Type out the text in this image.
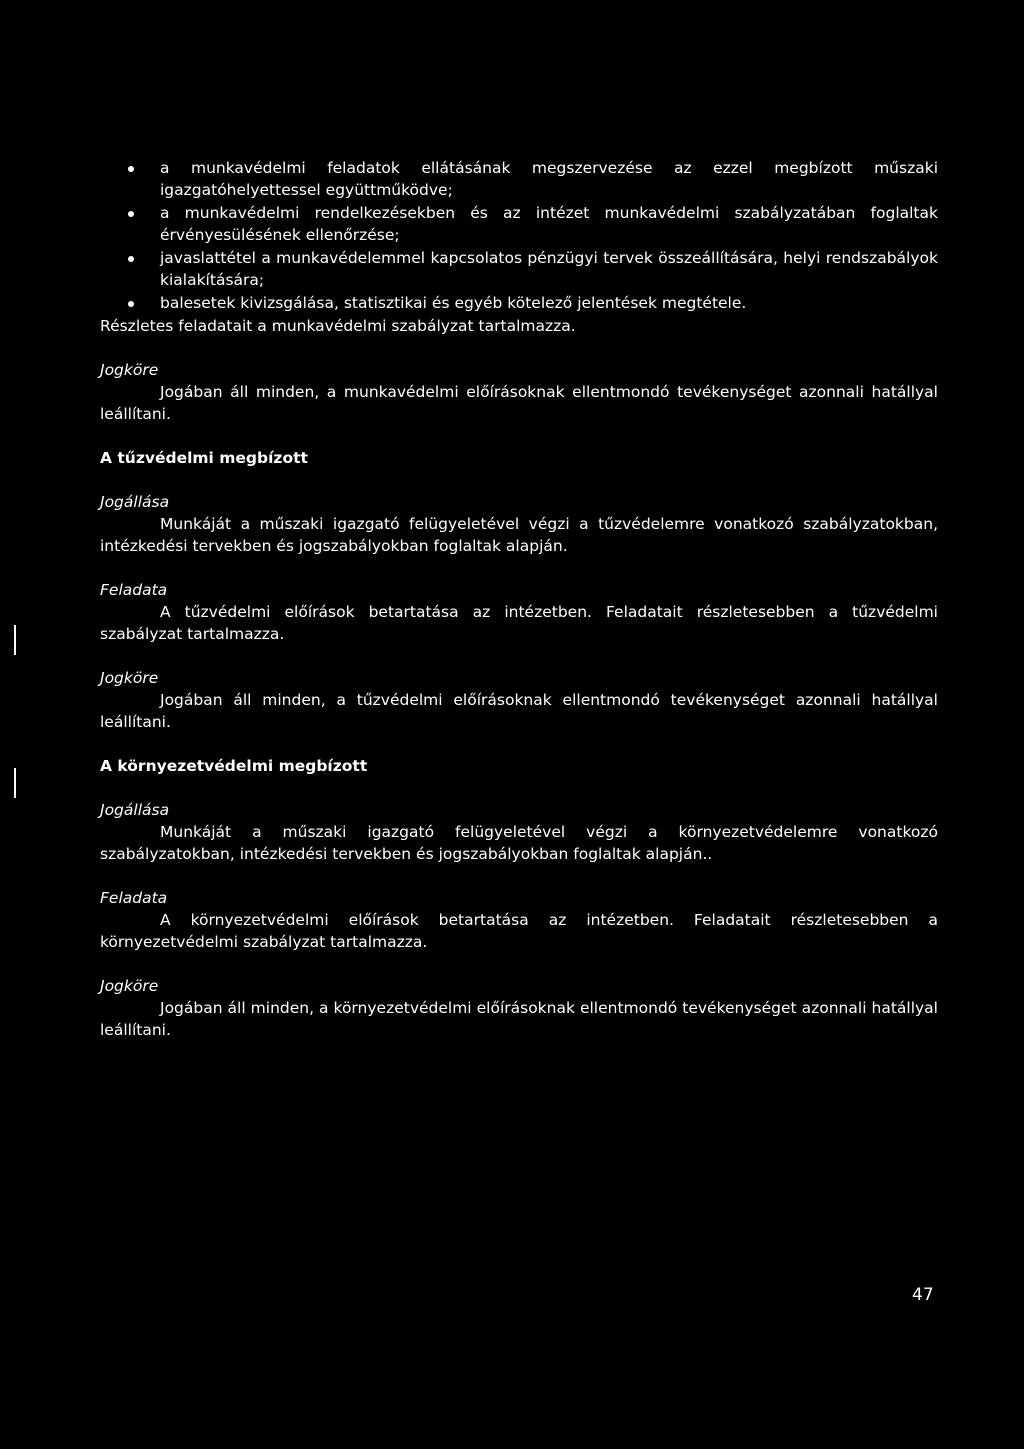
a munkavédelmi feladatok ellátásának megszervezése az ezzel megbízott műszaki igazgatóhelyettessel együttműködve;
a munkavédelmi rendelkezésekben és az intézet munkavédelmi szabályzatában foglaltak érvényesülésének ellenőrzése;
javaslattétel a munkavédelemmel kapcsolatos pénzügyi tervek összeállítására, helyi rendszabályok kialakítására;
balesetek kivizsgálása, statisztikai és egyéb kötelező jelentések megtétele.

Részletes feladatait a munkavédelmi szabályzat tartalmazza.

Jogköre

Jogában áll minden, a munkavédelmi előírásoknak ellentmondó tevékenységet azonnali hatállyal leállítani.

A tűzvédelmi megbízott

Jogállása

Munkáját a műszaki igazgató felügyeletével végzi a tűzvédelemre vonatkozó szabályzatokban, intézkedési tervekben és jogszabályokban foglaltak alapján.

Feladata

A tűzvédelmi előírások betartatása az intézetben. Feladatait részletesebben a tűzvédelmi szabályzat tartalmazza.

Jogköre

Jogában áll minden, a tűzvédelmi előírásoknak ellentmondó tevékenységet azonnali hatállyal leállítani.

A környezetvédelmi megbízott

Jogállása

Munkáját a műszaki igazgató felügyeletével végzi a környezetvédelemre vonatkozó szabályzatokban, intézkedési tervekben és jogszabályokban foglaltak alapján..

Feladata

A környezetvédelmi előírások betartatása az intézetben. Feladatait részletesebben a környezetvédelmi szabályzat tartalmazza.

Jogköre

Jogában áll minden, a környezetvédelmi előírásoknak ellentmondó tevékenységet azonnali hatállyal leállítani.

47
